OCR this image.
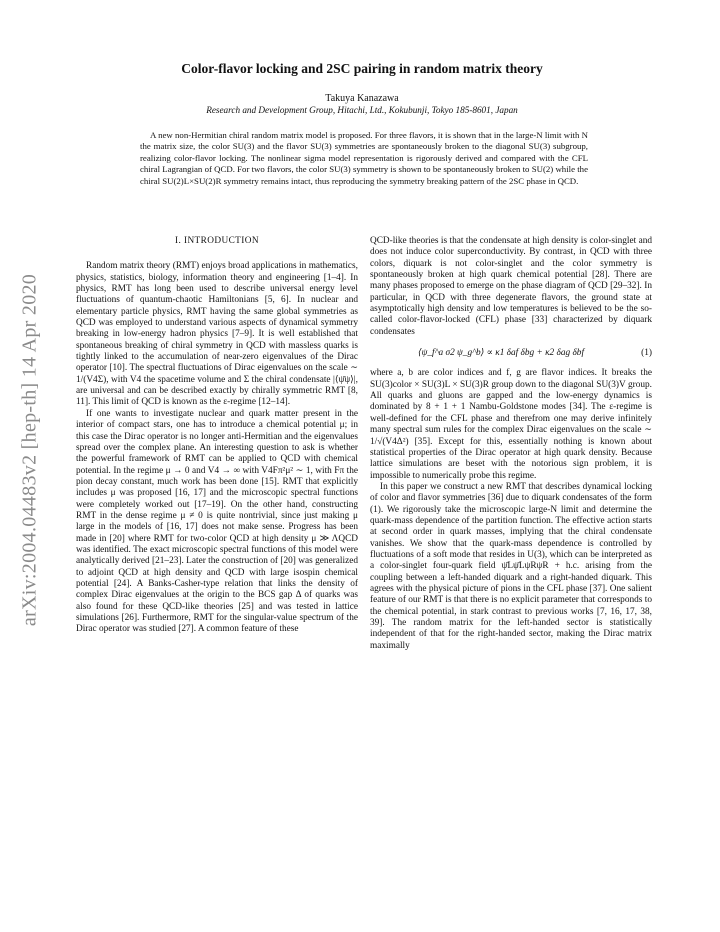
arXiv:2004.04483v2 [hep-th] 14 Apr 2020
Color-flavor locking and 2SC pairing in random matrix theory
Takuya Kanazawa
Research and Development Group, Hitachi, Ltd., Kokubunji, Tokyo 185-8601, Japan
A new non-Hermitian chiral random matrix model is proposed. For three flavors, it is shown that in the large-N limit with N the matrix size, the color SU(3) and the flavor SU(3) symmetries are spontaneously broken to the diagonal SU(3) subgroup, realizing color-flavor locking. The nonlinear sigma model representation is rigorously derived and compared with the CFL chiral Lagrangian of QCD. For two flavors, the color SU(3) symmetry is shown to be spontaneously broken to SU(2) while the chiral SU(2)L×SU(2)R symmetry remains intact, thus reproducing the symmetry breaking pattern of the 2SC phase in QCD.
I. INTRODUCTION

Random matrix theory (RMT) enjoys broad applications in mathematics, physics, statistics, biology, information theory and engineering [1–4]. In physics, RMT has long been used to describe universal energy level fluctuations of quantum-chaotic Hamiltonians [5, 6]. In nuclear and elementary particle physics, RMT having the same global symmetries as QCD was employed to understand various aspects of dynamical symmetry breaking in low-energy hadron physics [7–9]. It is well established that spontaneous breaking of chiral symmetry in QCD with massless quarks is tightly linked to the accumulation of near-zero eigenvalues of the Dirac operator [10]. The spectral fluctuations of Dirac eigenvalues on the scale ∼ 1/(V4Σ), with V4 the spacetime volume and Σ the chiral condensate |⟨ψ̄ψ⟩|, are universal and can be described exactly by chirally symmetric RMT [8, 11]. This limit of QCD is known as the ε-regime [12–14].

If one wants to investigate nuclear and quark matter present in the interior of compact stars, one has to introduce a chemical potential μ; in this case the Dirac operator is no longer anti-Hermitian and the eigenvalues spread over the complex plane. An interesting question to ask is whether the powerful framework of RMT can be applied to QCD with chemical potential. In the regime μ → 0 and V4 → ∞ with V4Fπ²μ² ∼ 1, with Fπ the pion decay constant, much work has been done [15]. RMT that explicitly includes μ was proposed [16, 17] and the microscopic spectral functions were completely worked out [17–19]. On the other hand, constructing RMT in the dense regime μ ≠ 0 is quite nontrivial, since just making μ large in the models of [16, 17] does not make sense. Progress has been made in [20] where RMT for two-color QCD at high density μ ≫ ΛQCD was identified. The exact microscopic spectral functions of this model were analytically derived [21–23]. Later the construction of [20] was generalized to adjoint QCD at high density and QCD with large isospin chemical potential [24]. A Banks-Casher-type relation that links the density of complex Dirac eigenvalues at the origin to the BCS gap Δ of quarks was also found for these QCD-like theories [25] and was tested in lattice simulations [26]. Furthermore, RMT for the singular-value spectrum of the Dirac operator was studied [27]. A common feature of these

QCD-like theories is that the condensate at high density is color-singlet and does not induce color superconductivity. By contrast, in QCD with three colors, diquark is not color-singlet and the color symmetry is spontaneously broken at high quark chemical potential [28]. There are many phases proposed to emerge on the phase diagram of QCD [29–32]. In particular, in QCD with three degenerate flavors, the ground state at asymptotically high density and low temperatures is believed to be the so-called color-flavor-locked (CFL) phase [33] characterized by diquark condensates

⟨ψ_f^a σ2 ψ_g^b⟩ ∝ κ1 δaf δbg + κ2 δag δbf	(1)

where a, b are color indices and f, g are flavor indices. It breaks the SU(3)color × SU(3)L × SU(3)R group down to the diagonal SU(3)V group. All quarks and gluons are gapped and the low-energy dynamics is dominated by 8 + 1 + 1 Nambu-Goldstone modes [34]. The ε-regime is well-defined for the CFL phase and therefrom one may derive infinitely many spectral sum rules for the complex Dirac eigenvalues on the scale ∼ 1/√(V4Δ²) [35]. Except for this, essentially nothing is known about statistical properties of the Dirac operator at high quark density. Because lattice simulations are beset with the notorious sign problem, it is impossible to numerically probe this regime.

In this paper we construct a new RMT that describes dynamical locking of color and flavor symmetries [36] due to diquark condensates of the form (1). We rigorously take the microscopic large-N limit and determine the quark-mass dependence of the partition function. The effective action starts at second order in quark masses, implying that the chiral condensate vanishes. We show that the quark-mass dependence is controlled by fluctuations of a soft mode that resides in U(3), which can be interpreted as a color-singlet four-quark field ψ̄Lψ̄LψRψR + h.c. arising from the coupling between a left-handed diquark and a right-handed diquark. This agrees with the physical picture of pions in the CFL phase [37]. One salient feature of our RMT is that there is no explicit parameter that corresponds to the chemical potential, in stark contrast to previous works [7, 16, 17, 38, 39]. The random matrix for the left-handed sector is statistically independent of that for the right-handed sector, making the Dirac matrix maximally
